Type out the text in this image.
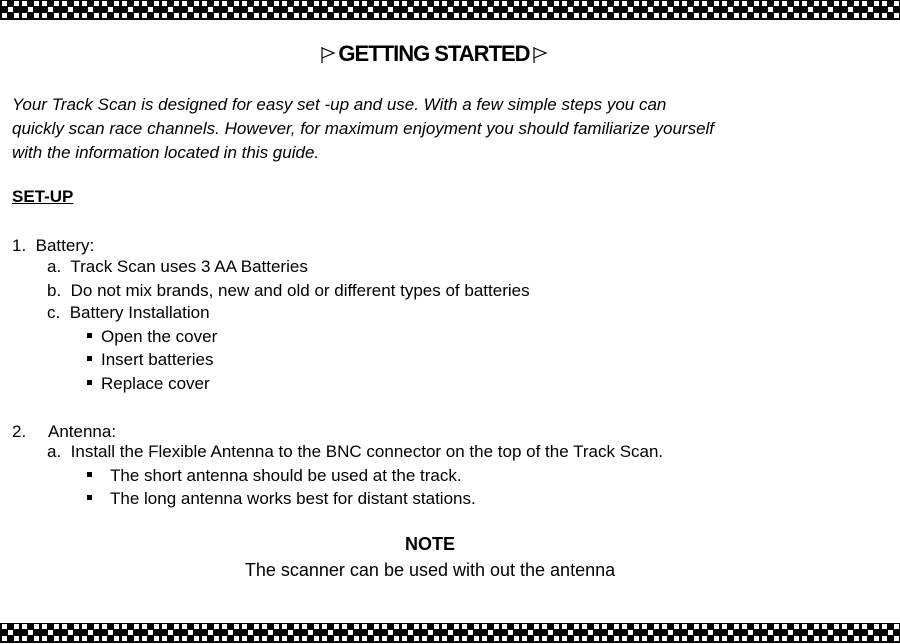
GETTING STARTED
Your Track Scan is designed for easy set -up and use. With a few simple steps you can
quickly scan race channels. However, for maximum enjoyment you should familiarize yourself
with the information located in this guide.
SET-UP
1. Battery:
a. Track Scan uses 3 AA Batteries
b. Do not mix brands, new and old or different types of batteries
c. Battery Installation
Open the cover
Insert batteries
Replace cover
2. Antenna:
a. Install the Flexible Antenna to the BNC connector on the top of the Track Scan.
The short antenna should be used at the track.
The long antenna works best for distant stations.
NOTE
The scanner can be used with out the antenna
